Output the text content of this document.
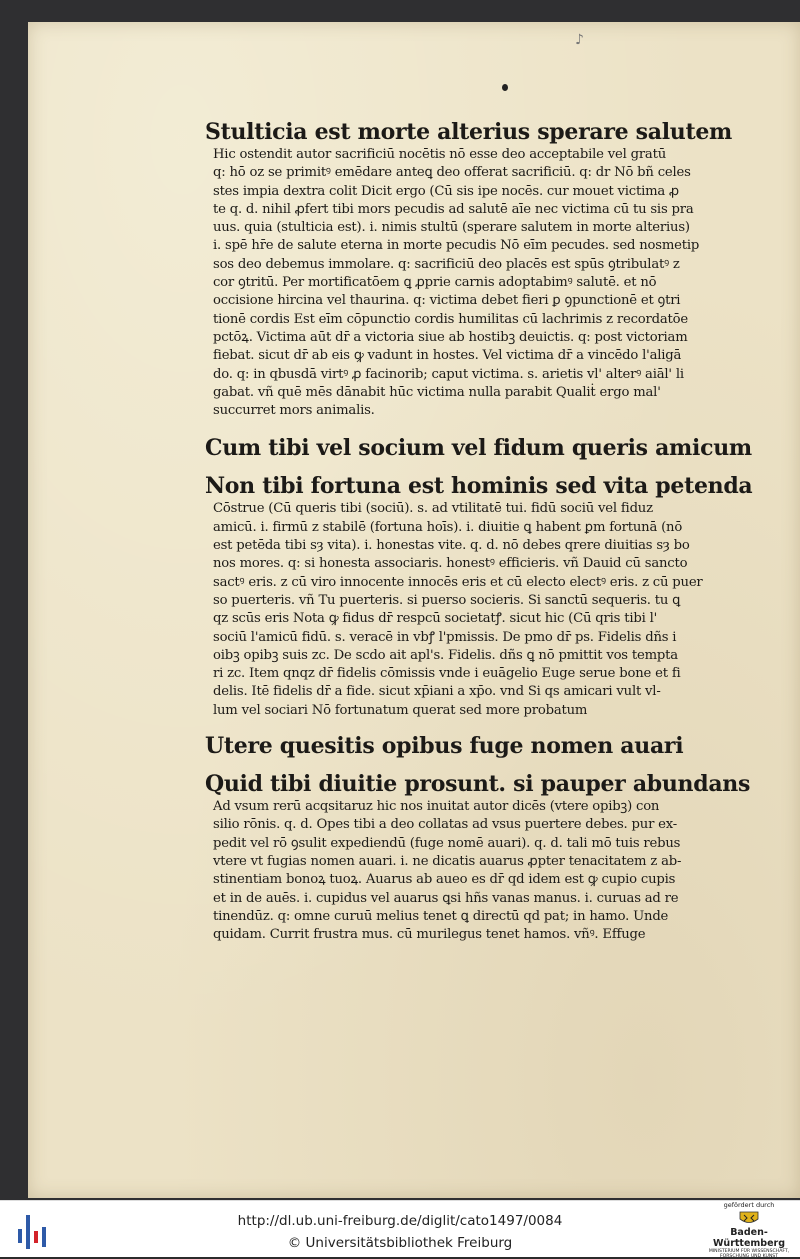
♪

Stulticia est morte alterius sperare salutem

Hic ostendit autor sacrificiū nocētis nō esse deo acceptabile vel gratū
q: hō oz se primitꝰ emēdare anteꝗ deo offerat sacrificiū. q: dr Nō bñ celes
stes impia dextra colit Dicit ergo (Cū sis ipe nocēs. cur mouet victima ꝓ
te q. d. nihil ꝓfert tibi mors pecudis ad salutē aīe nec victima cū tu sis pra
uus. quia (stulticia est). i. nimis stultū (sperare salutem in morte alterius)
i. spē hr̄e de salute eterna in morte pecudis Nō eīm pecudes. sed nosmetip
sos deo debemus immolare. q: sacrificiū deo placēs est spūs ꝯtribulatꝰ z
cor ꝯtritū. Per mortificatōem ꝗ ꝓprie carnis adoptabimꝰ salutē. et nō
occisione hircina vel thaurina. q: victima debet fieri ꝑ ꝯpunctionē et ꝯtri
tionē cordis Est eīm cōpunctio cordis humilitas cū lachrimis z recordatōe
pctōꝝ. Victima aūt dr̄ a victoria siue ab hostibꝫ deuictis. q: post victoriam
fiebat. sicut dr̄ ab eis ꝙ vadunt in hostes. Vel victima dr̄ a vincēdo l'aligā
do. q: in qbusdā virtꝰ ꝓ facinorib; caput victima. s. arietis vl' alterꝰ aiāl' li
gabat. vñ quē mēs dānabit hūc victima nulla parabit Qualiṫ ergo mal'
succurret mors animalis.

Cum tibi vel socium vel fidum queris amicum

Non tibi fortuna est hominis sed vita petenda

Cōstrue (Cū queris tibi (sociū). s. ad vtilitatē tui. fidū sociū vel fiduz
amicū. i. firmū z stabilē (fortuna hoīs). i. diuitie ꝗ habent ꝑm fortunā (nō
est petēda tibi sȝ vita). i. honestas vite. q. d. nō debes qrere diuitias sȝ bo
nos mores. q: si honesta associaris. honestꝰ efficieris. vñ Dauid cū sancto
sactꝰ eris. z cū viro innocente innocēs eris et cū electo electꝰ eris. z cū puer
so puerteris. vñ Tu puerteris. si puerso socieris. Si sanctū sequeris. tu ꝗ
qz scūs eris Nota ꝙ fidus dr̄ respcū societatꝭ. sicut hic (Cū qris tibi l'
sociū l'amicū fidū. s. veracē in vbꝭ l'pmissis. De pmo dr̄ ps. Fidelis dñs i
oibꝫ opibꝫ suis zc. De scdo ait apl's. Fidelis. dñs ꝗ nō pmittit vos tempta
ri zc. Item qnqz dr̄ fidelis cōmissis vnde i euāgelio Euge serue bone et fi
delis. Itē fidelis dr̄ a fide. sicut xp̄iani a xp̄o. vnd Si qs amicari vult vl-
lum vel sociari Nō fortunatum querat sed more probatum

Utere quesitis opibus fuge nomen auari

Quid tibi diuitie prosunt. si pauper abundans

Ad vsum rerū acqsitaruz hic nos inuitat autor dicēs (vtere opibꝫ) con
silio rōnis. q. d. Opes tibi a deo collatas ad vsus puertere debes. pur ex-
pedit vel rō ꝯsulit expediendū (fuge nomē auari). q. d. tali mō tuis rebus
vtere vt fugias nomen auari. i. ne dicatis auarus ꝓpter tenacitatem z ab-
stinentiam bonoꝝ tuoꝝ. Auarus ab aueo es dr̄ qd idem est ꝙ cupio cupis
et in de auēs. i. cupidus vel auarus ꝗsi hñs vanas manus. i. curuas ad re
tinendūz. q: omne curuū melius tenet ꝗ directū qd pat; in hamo. Unde
quidam. Currit frustra mus. cū murilegus tenet hamos. vñꝰ. Effuge
http://dl.ub.uni-freiburg.de/diglit/cato1497/0084
© Universitätsbibliothek Freiburg
gefördert durch
Baden-Württemberg
MINISTERIUM FÜR WISSENSCHAFT, FORSCHUNG UND KUNST
